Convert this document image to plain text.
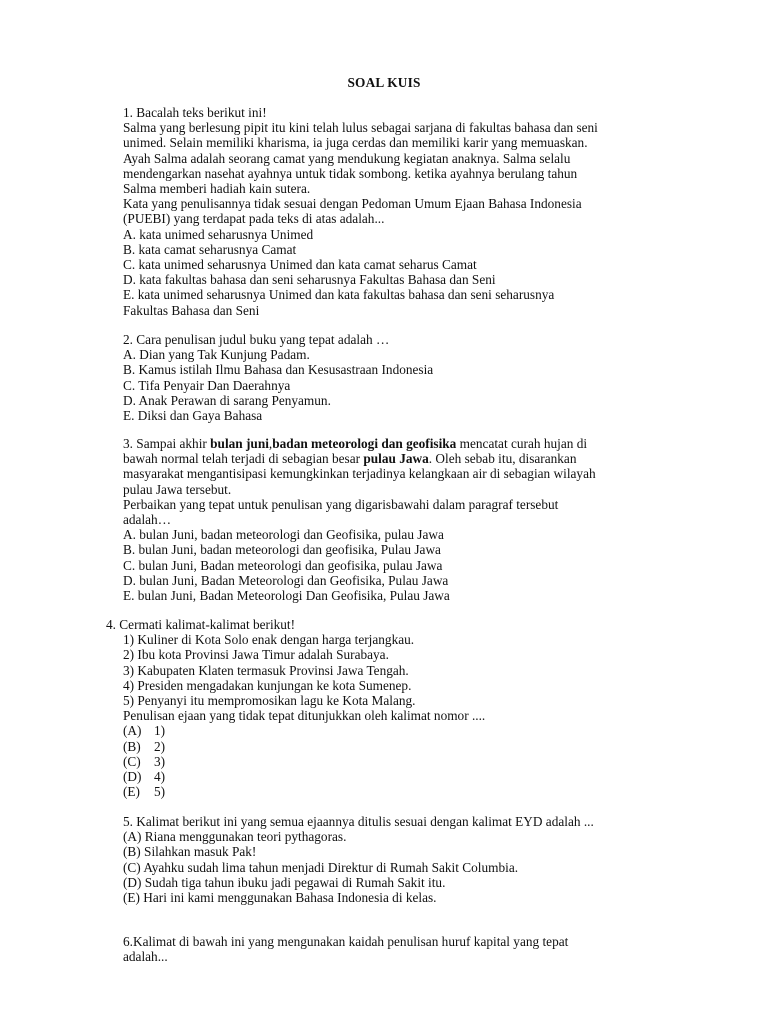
SOAL KUIS
1. Bacalah teks berikut ini!
Salma yang berlesung pipit itu kini telah lulus sebagai sarjana di fakultas bahasa dan seni
unimed. Selain memiliki kharisma, ia juga cerdas dan memiliki karir yang memuaskan.
Ayah Salma adalah seorang camat yang mendukung kegiatan anaknya. Salma selalu
mendengarkan nasehat ayahnya untuk tidak sombong. ketika ayahnya berulang tahun
Salma memberi hadiah kain sutera.
Kata yang penulisannya tidak sesuai dengan Pedoman Umum Ejaan Bahasa Indonesia
(PUEBI) yang terdapat pada teks di atas adalah...
A. kata unimed seharusnya Unimed
B. kata camat seharusnya Camat
C. kata unimed seharusnya Unimed dan kata camat seharus Camat
D. kata fakultas bahasa dan seni seharusnya Fakultas Bahasa dan Seni
E. kata unimed seharusnya Unimed dan kata fakultas bahasa dan seni seharusnya
Fakultas Bahasa dan Seni
2. Cara penulisan judul buku yang tepat adalah …
A. Dian yang Tak Kunjung Padam.
B. Kamus istilah Ilmu Bahasa dan Kesusastraan Indonesia
C. Tifa Penyair Dan Daerahnya
D. Anak Perawan di sarang Penyamun.
E. Diksi dan Gaya Bahasa
3. Sampai akhir bulan juni,badan meteorologi dan geofisika mencatat curah hujan di
bawah normal telah terjadi di sebagian besar pulau Jawa. Oleh sebab itu, disarankan
masyarakat mengantisipasi kemungkinkan terjadinya kelangkaan air di sebagian wilayah
pulau Jawa tersebut.
Perbaikan yang tepat untuk penulisan yang digarisbawahi dalam paragraf tersebut
adalah…
A. bulan Juni, badan meteorologi dan Geofisika, pulau Jawa
B. bulan Juni, badan meteorologi dan geofisika, Pulau Jawa
C. bulan Juni, Badan meteorologi dan geofisika, pulau Jawa
D. bulan Juni, Badan Meteorologi dan Geofisika, Pulau Jawa
E. bulan Juni, Badan Meteorologi Dan Geofisika, Pulau Jawa
4. Cermati kalimat-kalimat berikut!
1) Kuliner di Kota Solo enak dengan harga terjangkau.
2) Ibu kota Provinsi Jawa Timur adalah Surabaya.
3) Kabupaten Klaten termasuk Provinsi Jawa Tengah.
4) Presiden mengadakan kunjungan ke kota Sumenep.
5) Penyanyi itu mempromosikan lagu ke Kota Malang.
Penulisan ejaan yang tidak tepat ditunjukkan oleh kalimat nomor ....
(A) 1)
(B) 2)
(C) 3)
(D) 4)
(E) 5)
5. Kalimat berikut ini yang semua ejaannya ditulis sesuai dengan kalimat EYD adalah ...
(A) Riana menggunakan teori pythagoras.
(B) Silahkan masuk Pak!
(C) Ayahku sudah lima tahun menjadi Direktur di Rumah Sakit Columbia.
(D) Sudah tiga tahun ibuku jadi pegawai di Rumah Sakit itu.
(E) Hari ini kami menggunakan Bahasa Indonesia di kelas.
6.Kalimat di bawah ini yang mengunakan kaidah penulisan huruf kapital yang tepat
adalah...
